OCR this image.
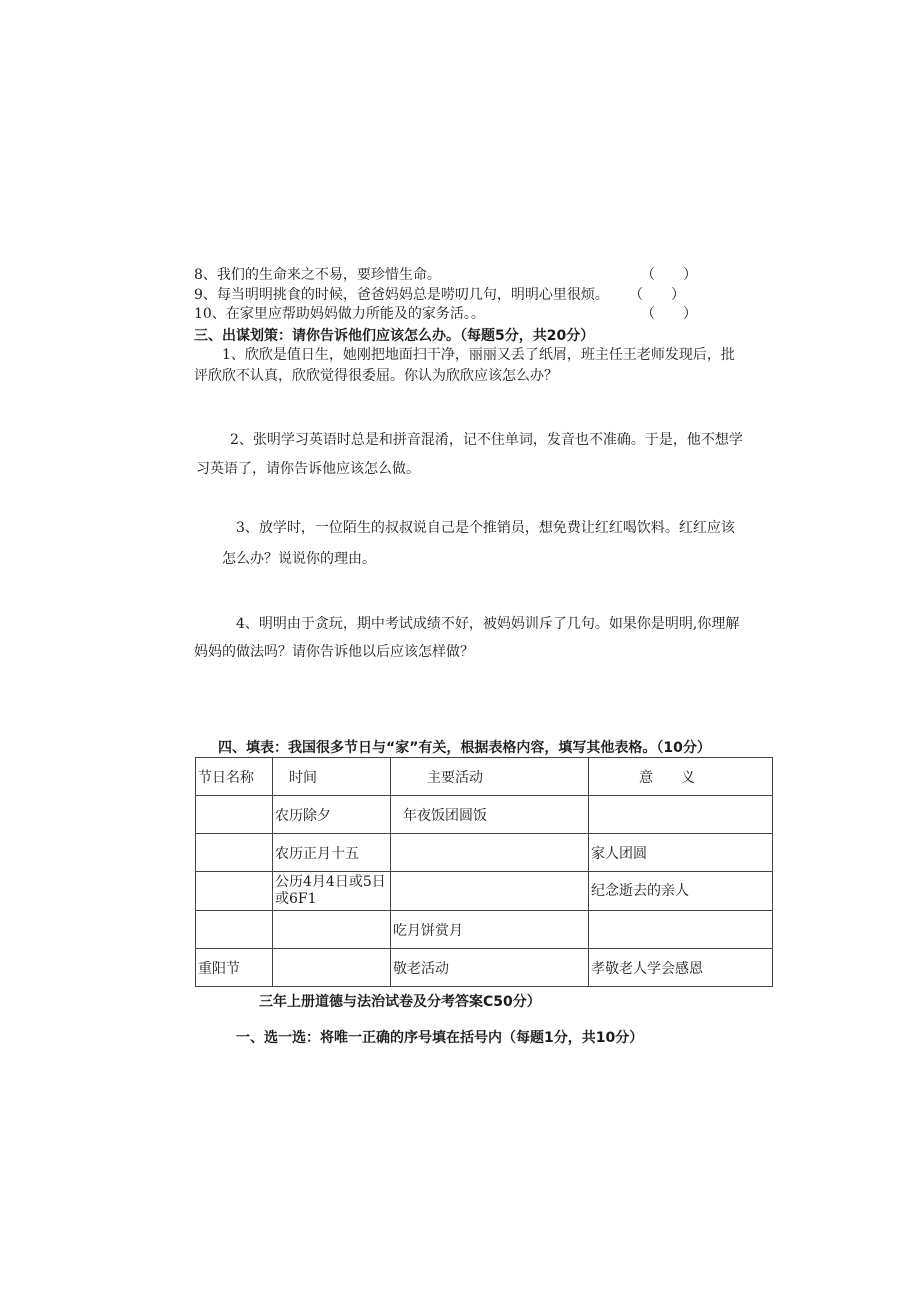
8、我们的生命来之不易，要珍惜生命。	（　　）
9、每当明明挑食的时候，爸爸妈妈总是唠叨几句，明明心里很烦。 （　　）
10、在家里应帮助妈妈做力所能及的家务活。。	（　　）
三、出谋划策：请你告诉他们应该怎么办。（每题5分，共20分）
1、欣欣是值日生，她刚把地面扫干净，丽丽又丢了纸屑，班主任王老师发现后，批
评欣欣不认真，欣欣觉得很委屈。你认为欣欣应该怎么办？
2、张明学习英语时总是和拼音混淆，记不住单词，发音也不准确。于是，他不想学
习英语了，请你告诉他应该怎么做。
3、放学时，一位陌生的叔叔说自己是个推销员，想免费让红红喝饮料。红红应该
怎么办？说说你的理由。
4、明明由于贪玩，期中考试成绩不好，被妈妈训斥了几句。如果你是明明,你理解
妈妈的做法吗？请你告诉他以后应该怎样做？
四、填表：我国很多节日与“家”有关，根据表格内容，填写其他表格。（10分）
节日名称	时间	主要活动	意　　义
	农历除夕	年夜饭团圆饭	
	农历正月十五		家人团圆
	公历4月4日或5日或6F1		纪念逝去的亲人
		吃月饼赏月	
重阳节		敬老活动	孝敬老人学会感恩
三年上册道德与法治试卷及分考答案C50分）
一、选一选：将唯一正确的序号填在括号内（每题1分，共10分）
